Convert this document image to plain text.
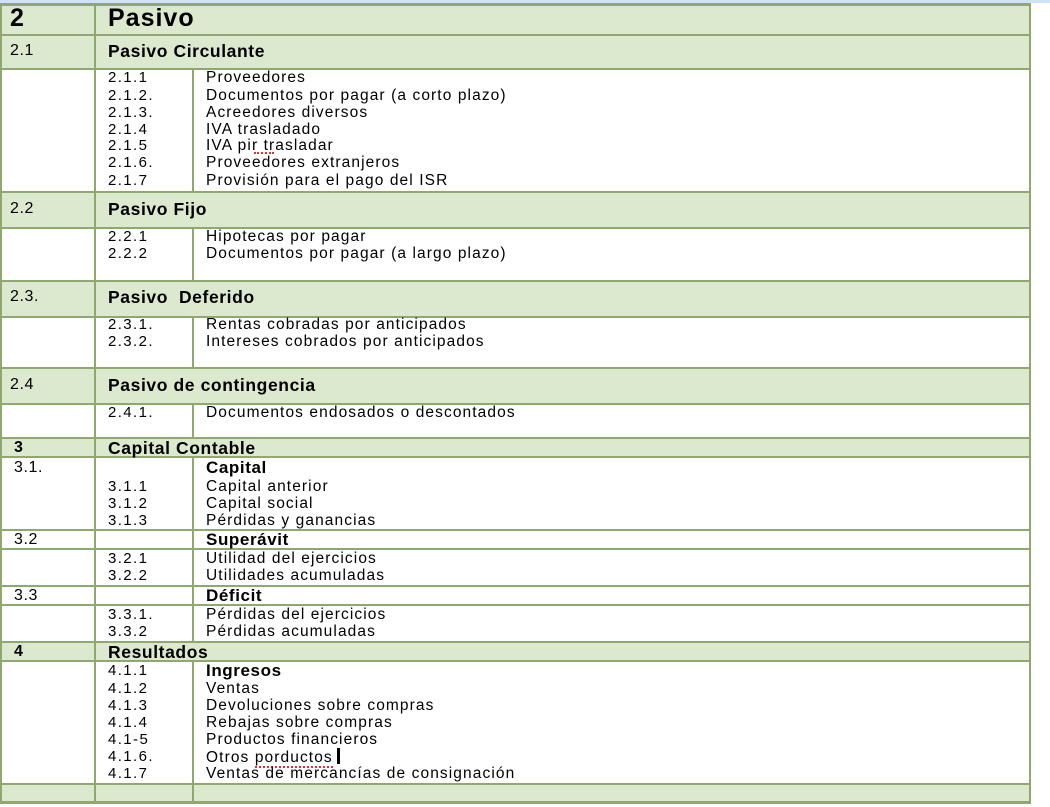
2	Pasivo
2.1	Pasivo Circulante
2.1.1	Proveedores
2.1.2.	Documentos por pagar (a corto plazo)
2.1.3.	Acreedores diversos
2.1.4	IVA trasladado
2.1.5	IVA pir trasladar
2.1.6.	Proveedores extranjeros
2.1.7	Provisión para el pago del ISR
2.2	Pasivo Fijo
2.2.1	Hipotecas por pagar
2.2.2	Documentos por pagar (a largo plazo)
2.3.	Pasivo  Deferido
2.3.1.	Rentas cobradas por anticipados
2.3.2.	Intereses cobrados por anticipados
2.4	Pasivo de contingencia
2.4.1.	Documentos endosados o descontados
3	Capital Contable
3.1.	Capital
3.1.1	Capital anterior
3.1.2	Capital social
3.1.3	Pérdidas y ganancias
3.2	Superávit
3.2.1	Utilidad del ejercicios
3.2.2	Utilidades acumuladas
3.3	Déficit
3.3.1.	Pérdidas del ejercicios
3.3.2	Pérdidas acumuladas
4	Resultados
4.1.1	Ingresos
4.1.2	Ventas
4.1.3	Devoluciones sobre compras
4.1.4	Rebajas sobre compras
4.1-5	Productos financieros
4.1.6.	Otros porductos
4.1.7	Ventas de mercancías de consignación
